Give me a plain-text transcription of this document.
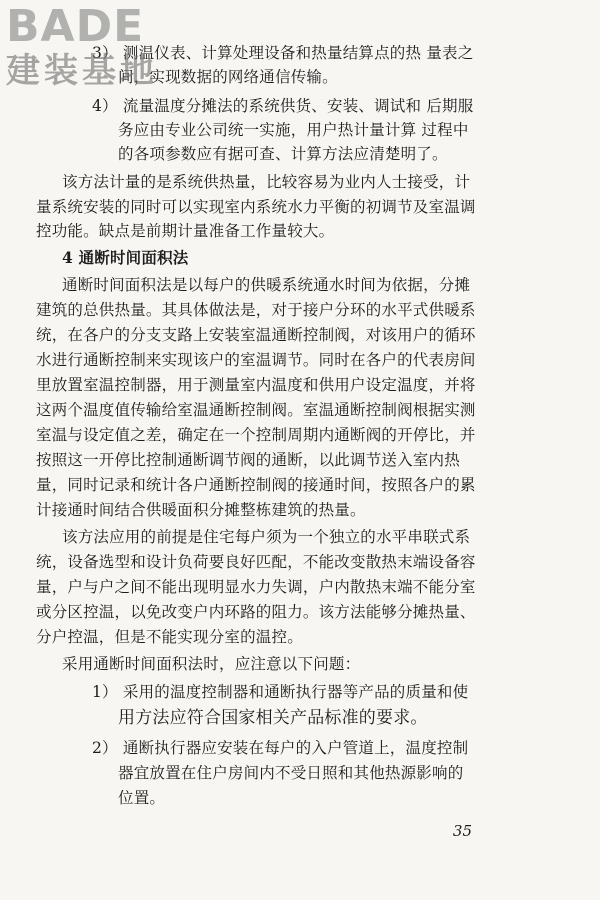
BADE
建装基地
3） 测温仪表、计算处理设备和热量结算点的热 量表之
间，实现数据的网络通信传输。
4） 流量温度分摊法的系统供货、安装、调试和 后期服
务应由专业公司统一实施，用户热计量计算 过程中
的各项参数应有据可查、计算方法应清楚明了。
该方法计量的是系统供热量，比较容易为业内人士接受，计
量系统安装的同时可以实现室内系统水力平衡的初调节及室温调
控功能。缺点是前期计量准备工作量较大。
4 通断时间面积法
通断时间面积法是以每户的供暖系统通水时间为依据，分摊
建筑的总供热量。其具体做法是，对于接户分环的水平式供暖系
统，在各户的分支支路上安装室温通断控制阀，对该用户的循环
水进行通断控制来实现该户的室温调节。同时在各户的代表房间
里放置室温控制器，用于测量室内温度和供用户设定温度，并将
这两个温度值传输给室温通断控制阀。室温通断控制阀根据实测
室温与设定值之差，确定在一个控制周期内通断阀的开停比，并
按照这一开停比控制通断调节阀的通断，以此调节送入室内热
量，同时记录和统计各户通断控制阀的接通时间，按照各户的累
计接通时间结合供暖面积分摊整栋建筑的热量。
该方法应用的前提是住宅每户须为一个独立的水平串联式系
统，设备选型和设计负荷要良好匹配，不能改变散热末端设备容
量，户与户之间不能出现明显水力失调，户内散热末端不能分室
或分区控温，以免改变户内环路的阻力。该方法能够分摊热量、
分户控温，但是不能实现分室的温控。
采用通断时间面积法时，应注意以下问题：
1） 采用的温度控制器和通断执行器等产品的质量和使
用方法应符合国家相关产品标准的要求。
2） 通断执行器应安装在每户的入户管道上，温度控制
器宜放置在住户房间内不受日照和其他热源影响的
位置。
35
